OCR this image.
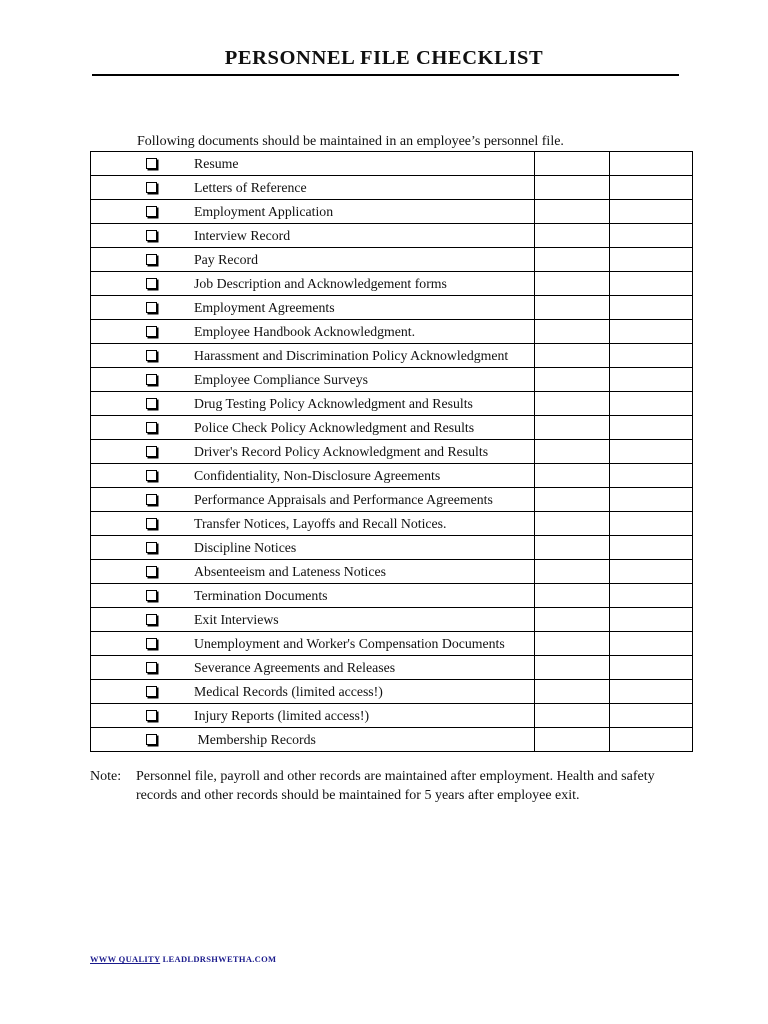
PERSONNEL FILE CHECKLIST
Following documents should be maintained in an employee’s personnel file.
Resume		

Letters of Reference		

Employment Application		

Interview Record		

Pay Record		

Job Description and Acknowledgement forms		

Employment Agreements		

Employee Handbook Acknowledgment.		

Harassment and Discrimination Policy Acknowledgment		

Employee Compliance Surveys		

Drug Testing Policy Acknowledgment and Results		

Police Check Policy Acknowledgment and Results		

Driver's Record Policy Acknowledgment and Results		

Confidentiality, Non-Disclosure Agreements		

Performance Appraisals and Performance Agreements		

Transfer Notices, Layoffs and Recall Notices.		

Discipline Notices		

Absenteeism and Lateness Notices		

Termination Documents		

Exit Interviews		

Unemployment and Worker's Compensation Documents		

Severance Agreements and Releases		

Medical Records (limited access!)		

Injury Reports (limited access!)		

Membership Records		

Note: Personnel file, payroll and other records are maintained after employment. Health and safety records and other records should be maintained for 5 years after employee exit.
WWW QUALITY LEADLDRSHWETHA.COM
